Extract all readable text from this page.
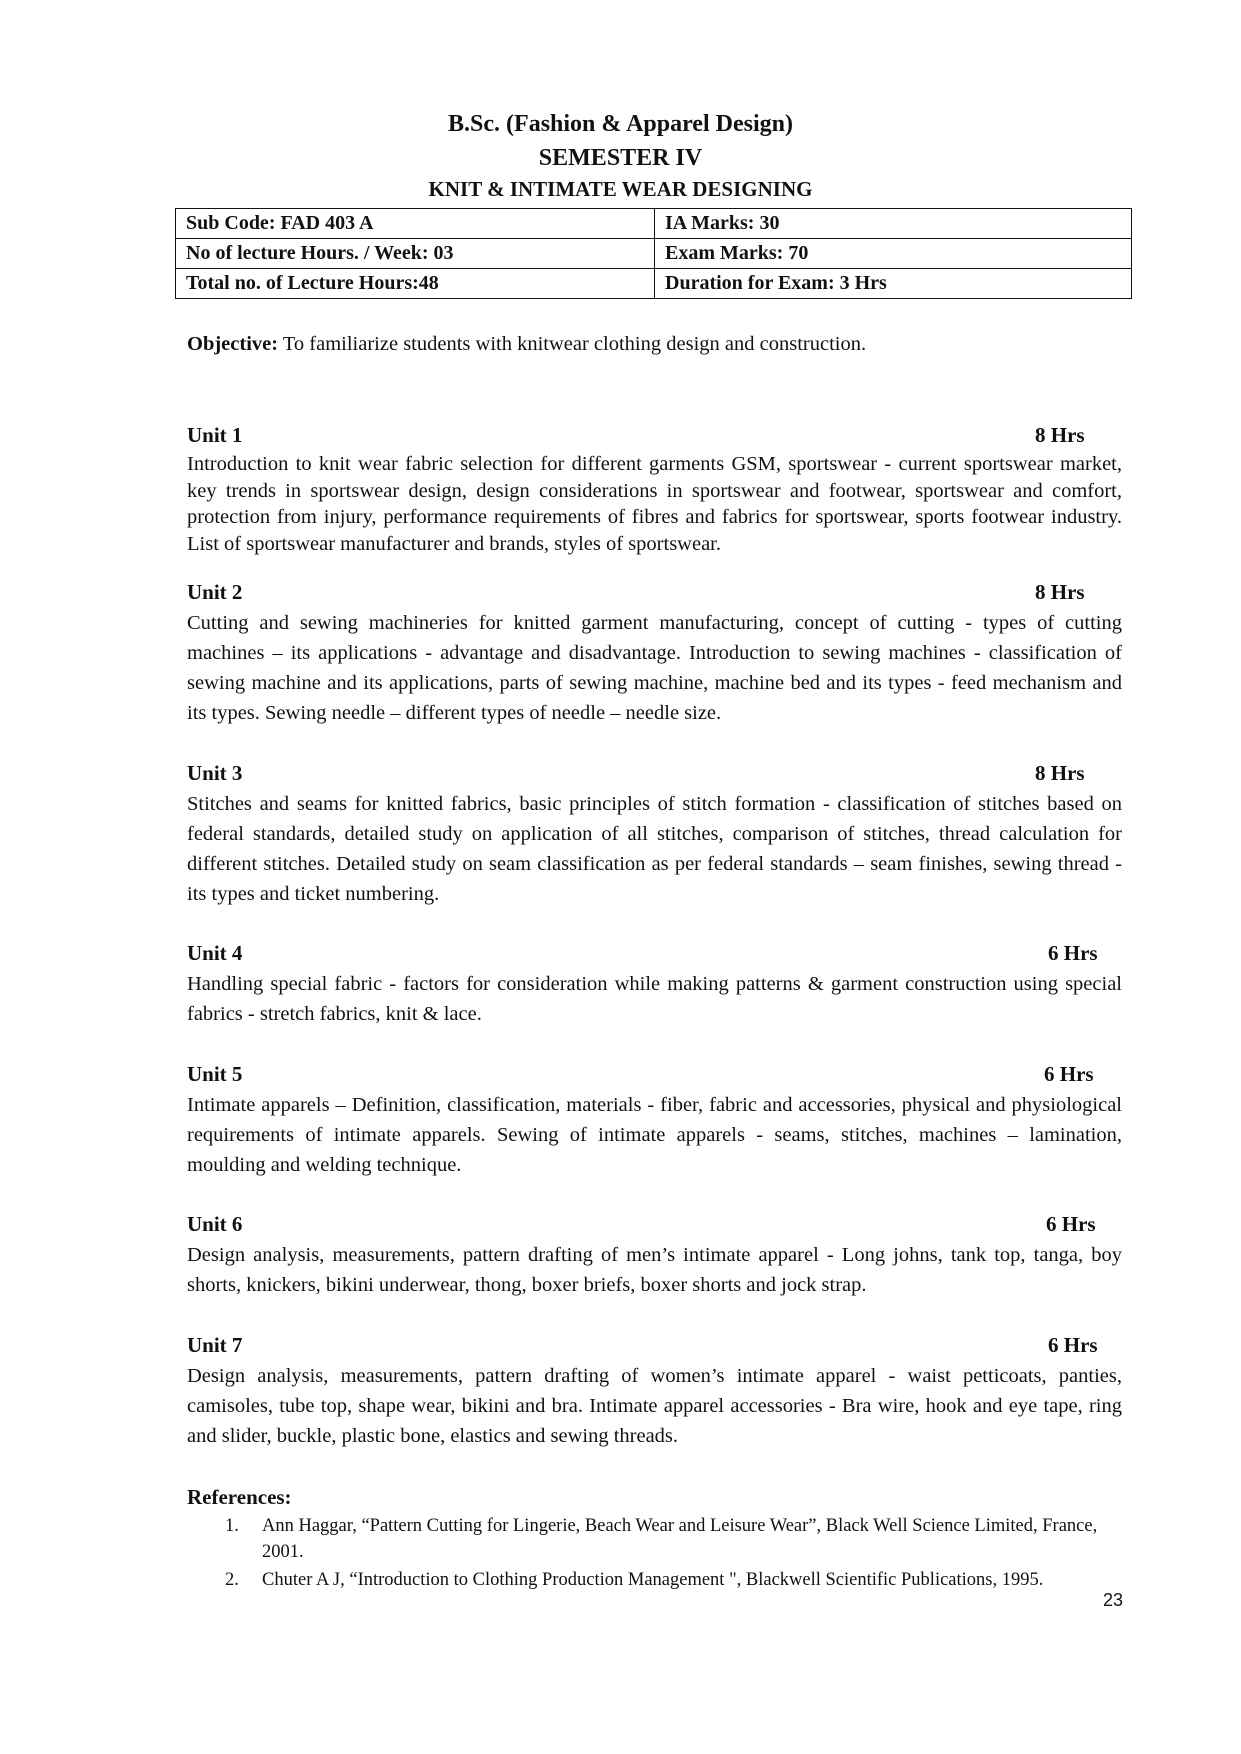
B.Sc. (Fashion & Apparel Design)
SEMESTER IV
KNIT & INTIMATE WEAR DESIGNING
Sub Code: FAD 403 A	IA Marks: 30
No of lecture Hours. / Week: 03	Exam Marks: 70
Total no. of Lecture Hours:48	Duration for Exam: 3 Hrs
Objective: To familiarize students with knitwear clothing design and construction.
Unit 1	8 Hrs
Introduction to knit wear fabric selection for different garments GSM, sportswear - current sportswear market, key trends in sportswear design, design considerations in sportswear and footwear, sportswear and comfort, protection from injury, performance requirements of fibres and fabrics for sportswear, sports footwear industry. List of sportswear manufacturer and brands, styles of sportswear.
Unit 2	8 Hrs
Cutting and sewing machineries for knitted garment manufacturing, concept of cutting - types of cutting machines – its applications - advantage and disadvantage. Introduction to sewing machines - classification of sewing machine and its applications, parts of sewing machine, machine bed and its types - feed mechanism and its types. Sewing needle – different types of needle – needle size.
Unit 3	8 Hrs
Stitches and seams for knitted fabrics, basic principles of stitch formation - classification of stitches based on federal standards, detailed study on application of all stitches, comparison of stitches, thread calculation for different stitches. Detailed study on seam classification as per federal standards – seam finishes, sewing thread - its types and ticket numbering.
Unit 4	6 Hrs
Handling special fabric - factors for consideration while making patterns & garment construction using special fabrics - stretch fabrics, knit & lace.
Unit 5	6 Hrs
Intimate apparels – Definition, classification, materials - fiber, fabric and accessories, physical and physiological requirements of intimate apparels. Sewing of intimate apparels - seams, stitches, machines – lamination, moulding and welding technique.
Unit 6	6 Hrs
Design analysis, measurements, pattern drafting of men’s intimate apparel - Long johns, tank top, tanga, boy shorts, knickers, bikini underwear, thong, boxer briefs, boxer shorts and jock strap.
Unit 7	6 Hrs
Design analysis, measurements, pattern drafting of women’s intimate apparel - waist petticoats, panties, camisoles, tube top, shape wear, bikini and bra. Intimate apparel accessories - Bra wire, hook and eye tape, ring and slider, buckle, plastic bone, elastics and sewing threads.
References:
1. Ann Haggar, “Pattern Cutting for Lingerie, Beach Wear and Leisure Wear”, Black Well Science Limited, France, 2001.
2. Chuter A J, “Introduction to Clothing Production Management ", Blackwell Scientific Publications, 1995.
23
